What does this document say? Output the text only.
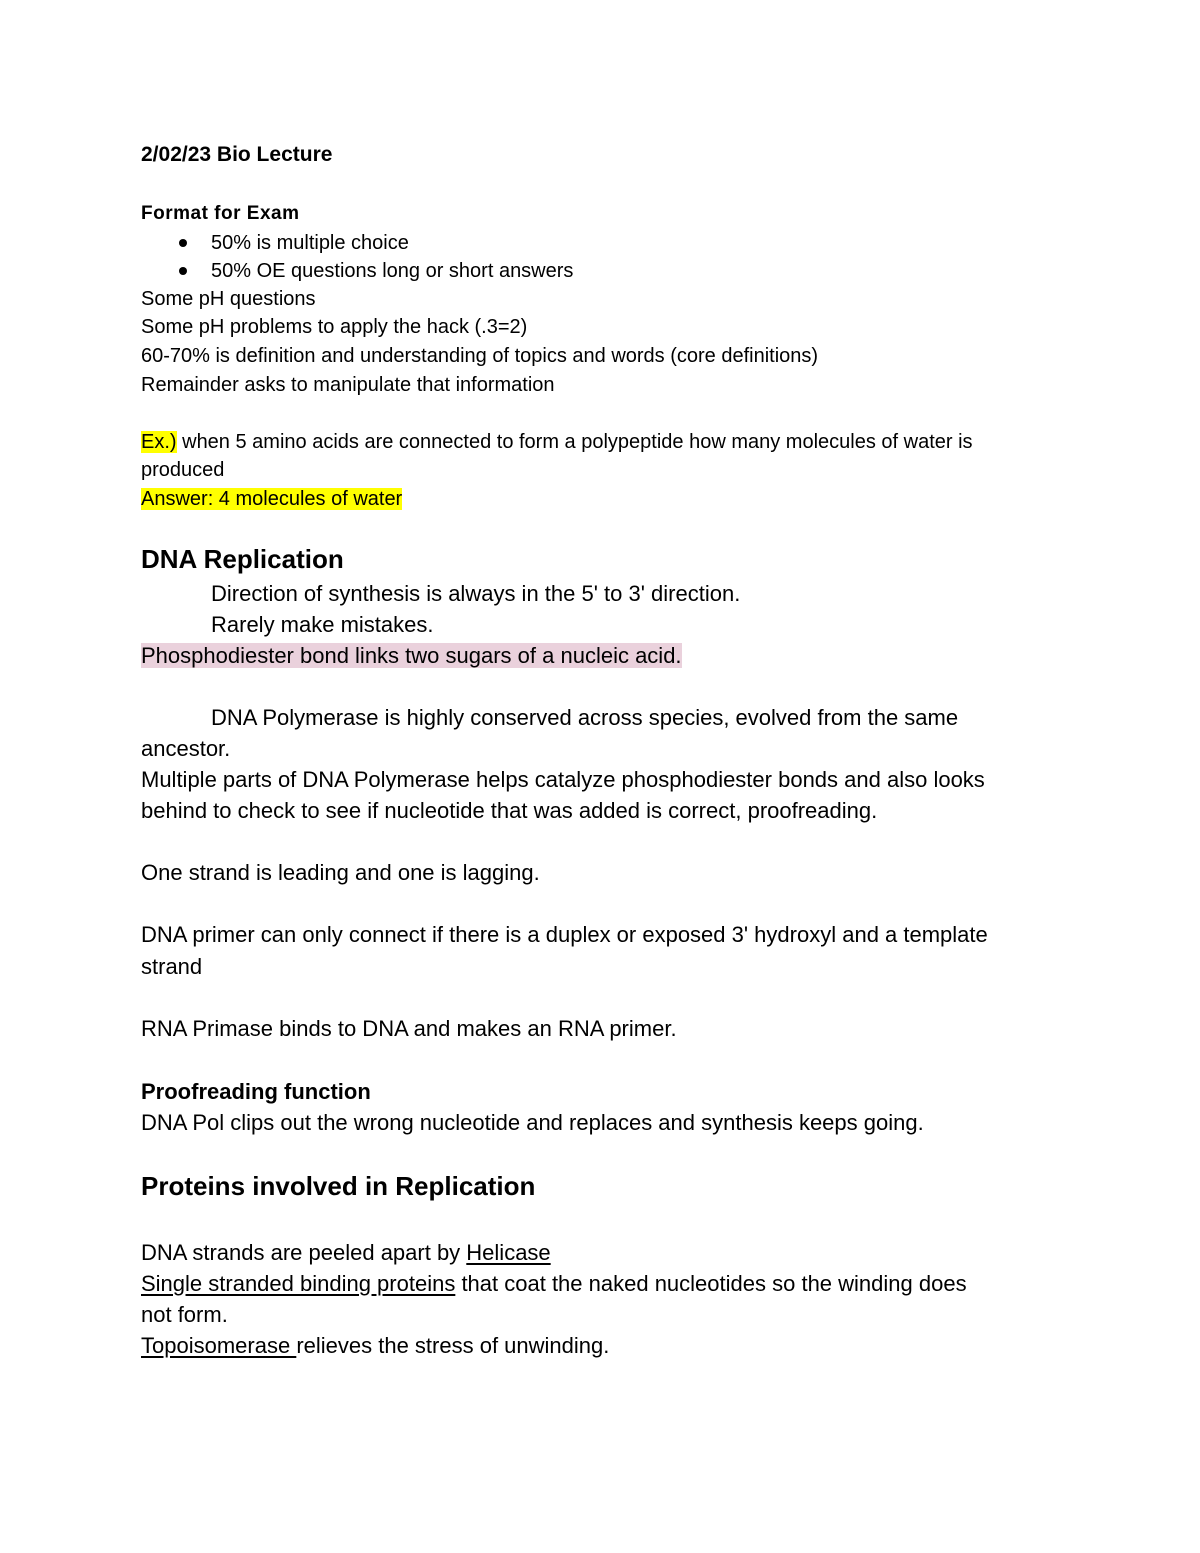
2/02/23 Bio Lecture
Format for Exam
50% is multiple choice
50% OE questions long or short answers
Some pH questions
Some pH problems to apply the hack (.3=2)
60-70% is definition and understanding of topics and words (core definitions)
Remainder asks to manipulate that information
Ex.) when 5 amino acids are connected to form a polypeptide how many molecules of water is
produced
Answer: 4 molecules of water
DNA Replication
Direction of synthesis is always in the 5' to 3' direction.
Rarely make mistakes.
Phosphodiester bond links two sugars of a nucleic acid.
DNA Polymerase is highly conserved across species, evolved from the same
ancestor.
Multiple parts of DNA Polymerase helps catalyze phosphodiester bonds and also looks
behind to check to see if nucleotide that was added is correct, proofreading.
One strand is leading and one is lagging.
DNA primer can only connect if there is a duplex or exposed 3' hydroxyl and a template
strand
RNA Primase binds to DNA and makes an RNA primer.
Proofreading function
DNA Pol clips out the wrong nucleotide and replaces and synthesis keeps going.
Proteins involved in Replication
DNA strands are peeled apart by Helicase
Single stranded binding proteins that coat the naked nucleotides so the winding does
not form.
Topoisomerase relieves the stress of unwinding.
